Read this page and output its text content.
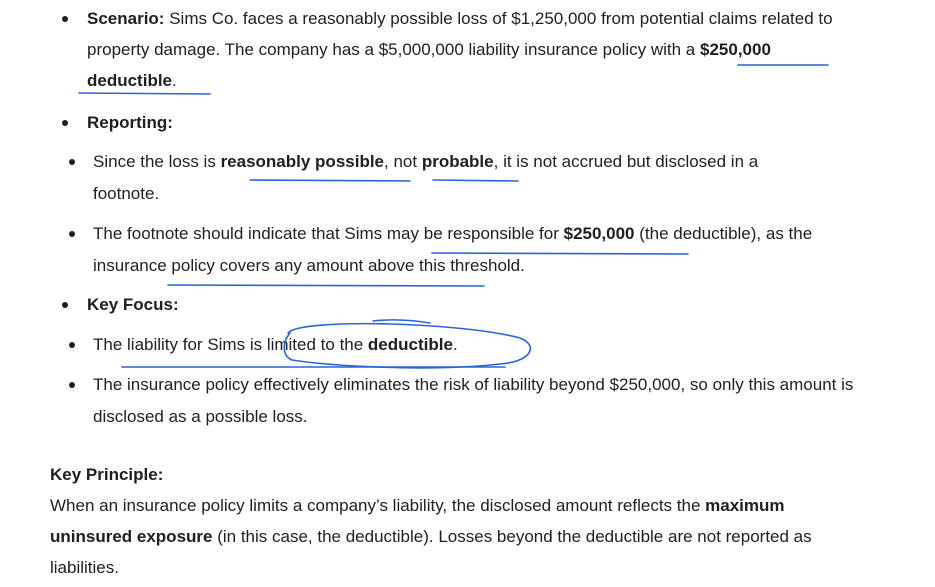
Scenario: Sims Co. faces a reasonably possible loss of $1,250,000 from potential claims related to property damage. The company has a $5,000,000 liability insurance policy with a $250,000 deductible.
Reporting:
Since the loss is reasonably possible, not probable, it is not accrued but disclosed in a footnote.
The footnote should indicate that Sims may be responsible for $250,000 (the deductible), as the insurance policy covers any amount above this threshold.
Key Focus:
The liability for Sims is limited to the deductible.
The insurance policy effectively eliminates the risk of liability beyond $250,000, so only this amount is disclosed as a possible loss.
Key Principle:
When an insurance policy limits a company’s liability, the disclosed amount reflects the maximum uninsured exposure (in this case, the deductible). Losses beyond the deductible are not reported as liabilities.
